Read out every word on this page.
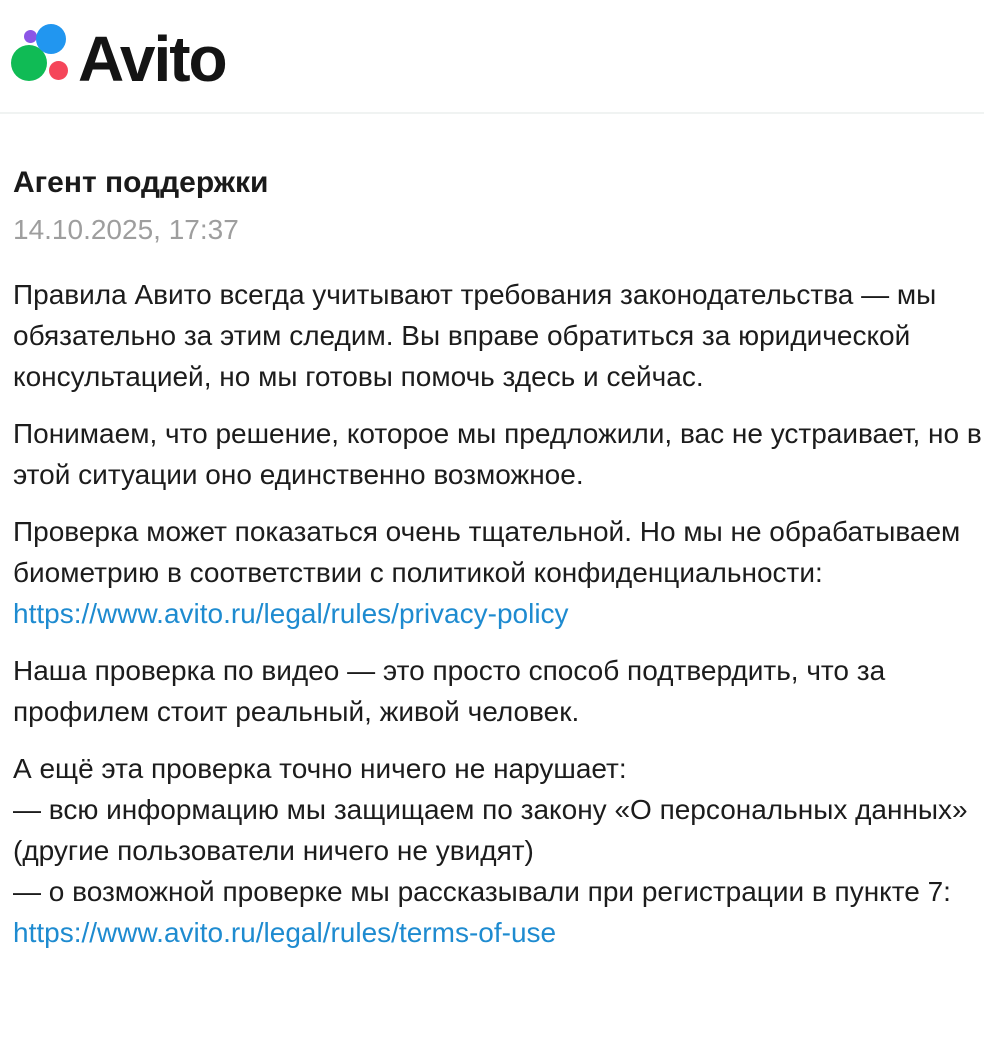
Avito
Агент поддержки
14.10.2025, 17:37
Правила Авито всегда учитывают требования законодательства — мы
обязательно за этим следим. Вы вправе обратиться за юридической
консультацией, но мы готовы помочь здесь и сейчас.
Понимаем, что решение, которое мы предложили, вас не устраивает, но в
этой ситуации оно единственно возможное.
Проверка может показаться очень тщательной. Но мы не обрабатываем
биометрию в соответствии с политикой конфиденциальности:
https://www.avito.ru/legal/rules/privacy-policy
Наша проверка по видео — это просто способ подтвердить, что за
профилем стоит реальный, живой человек.
А ещё эта проверка точно ничего не нарушает:
— всю информацию мы защищаем по закону «О персональных данных»
(другие пользователи ничего не увидят)
— о возможной проверке мы рассказывали при регистрации в пункте 7:
https://www.avito.ru/legal/rules/terms-of-use
